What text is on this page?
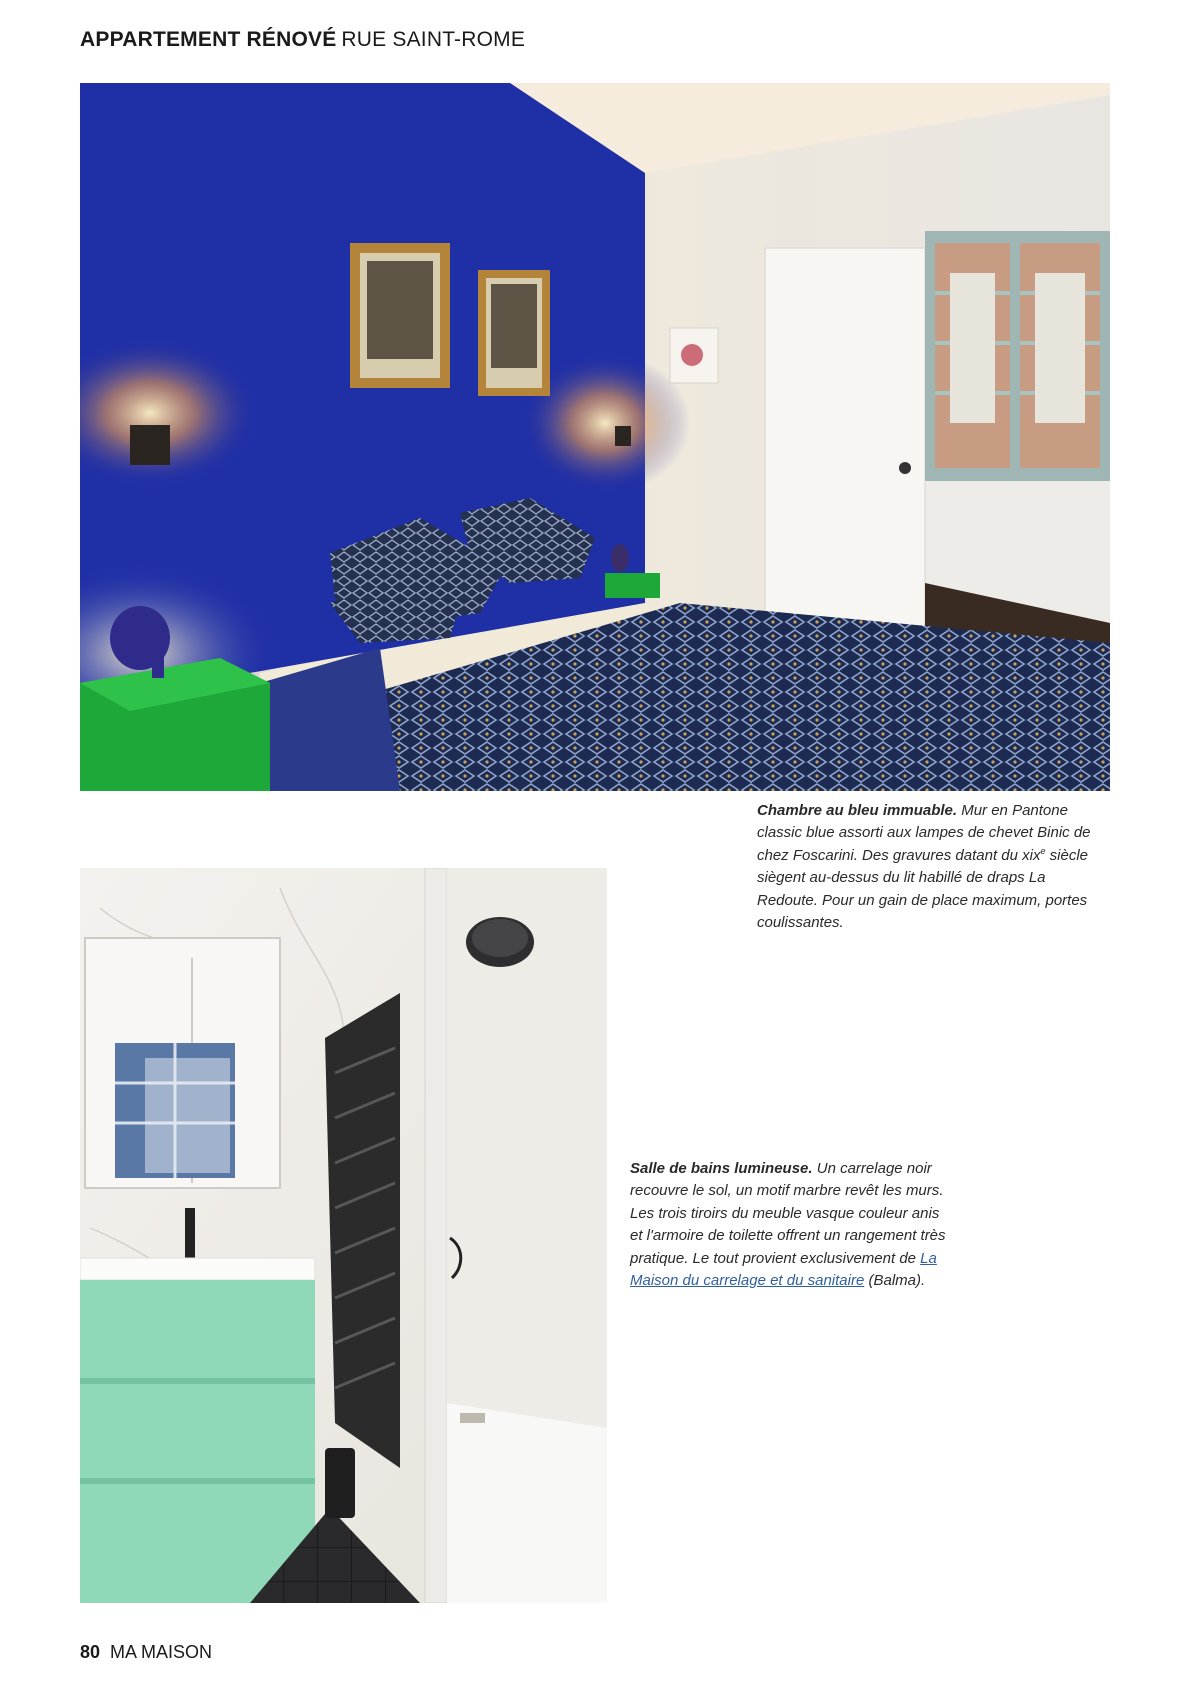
APPARTEMENT RÉNOVÉ RUE SAINT-ROME
Chambre au bleu immuable. Mur en Pantone classic blue assorti aux lampes de chevet Binic de chez Foscarini. Des gravures datant du xix$^e$ siècle siègent au-dessus du lit habillé de draps La Redoute. Pour un gain de place maximum, portes coulissantes.
Salle de bains lumineuse. Un carrelage noir recouvre le sol, un motif marbre revêt les murs. Les trois tiroirs du meuble vasque couleur anis et l'armoire de toilette offrent un rangement très pratique. Le tout provient exclusivement de La Maison du carrelage et du sanitaire (Balma).
80 MA MAISON
